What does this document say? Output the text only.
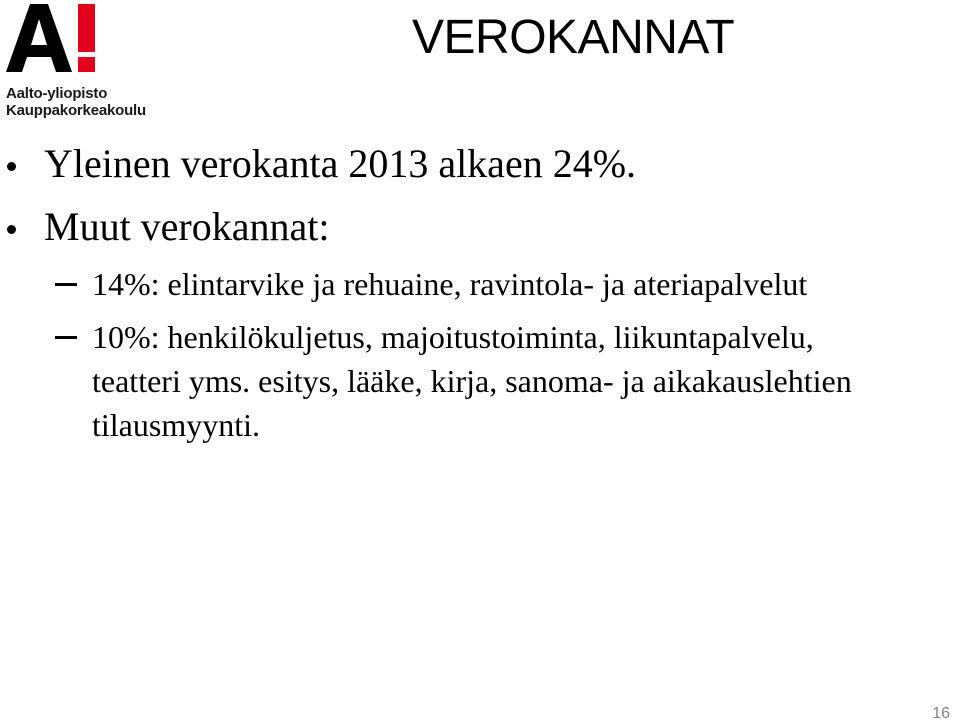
Aalto-yliopisto
Kauppakorkeakoulu
VEROKANNAT
Yleinen verokanta 2013 alkaen 24%.
Muut verokannat:
14%: elintarvike ja rehuaine, ravintola- ja ateriapalvelut
10%: henkilökuljetus, majoitustoiminta, liikuntapalvelu,
teatteri yms. esitys, lääke, kirja, sanoma- ja aikakauslehtien
tilausmyynti.
16
